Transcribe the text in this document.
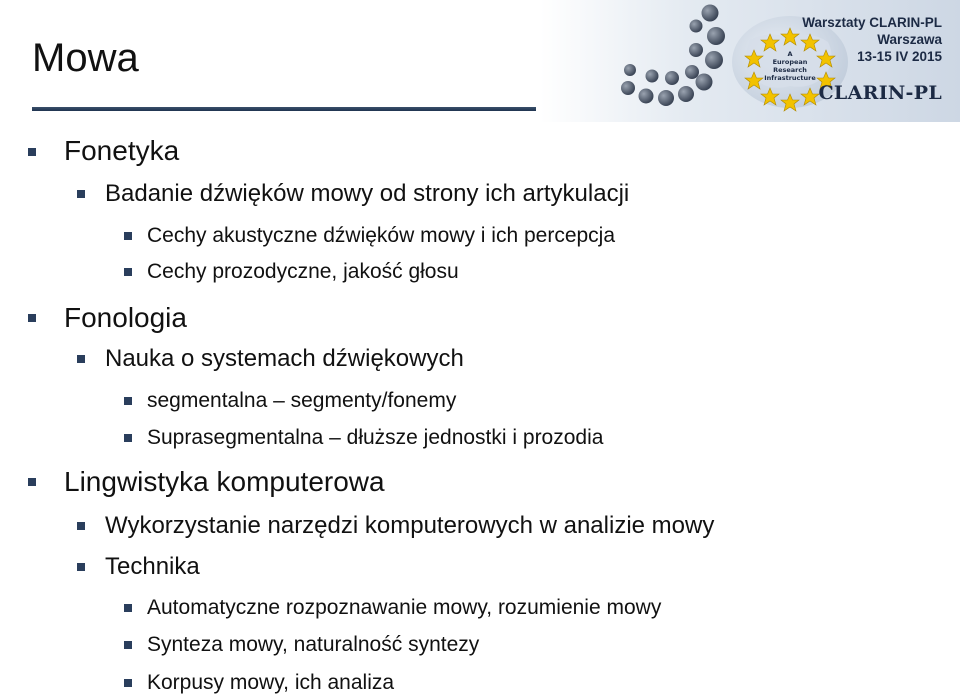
Mowa	A
European
Research
Infrastructure
Warsztaty CLARIN-PL
Warszawa
13-15 IV 2015
CLARIN-PL
Fonetyka
Badanie dźwięków mowy od strony ich artykulacji
Cechy akustyczne dźwięków mowy i ich percepcja
Cechy prozodyczne, jakość głosu
Fonologia
Nauka o systemach dźwiękowych
segmentalna – segmenty/fonemy
Suprasegmentalna – dłuższe jednostki i prozodia
Lingwistyka komputerowa
Wykorzystanie narzędzi komputerowych w analizie mowy
Technika
Automatyczne rozpoznawanie mowy, rozumienie mowy
Synteza mowy, naturalność syntezy
Korpusy mowy, ich analiza
